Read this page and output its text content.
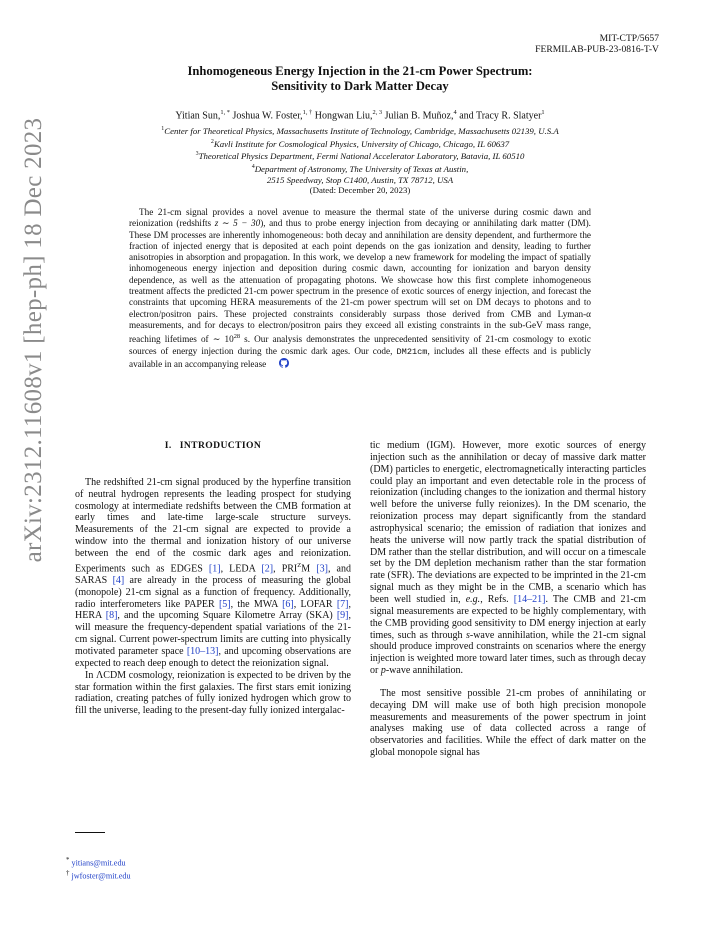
arXiv:2312.11608v1 [hep-ph] 18 Dec 2023
MIT-CTP/5657
FERMILAB-PUB-23-0816-T-V
Inhomogeneous Energy Injection in the 21-cm Power Spectrum:
Sensitivity to Dark Matter Decay
Yitian Sun,$^{1, *}$ Joshua W. Foster,$^{1, \dagger}$ Hongwan Liu,$^{2, 3}$ Julian B. Muñoz,$^4$ and Tracy R. Slatyer$^1$
$^1$Center for Theoretical Physics, Massachusetts Institute of Technology, Cambridge, Massachusetts 02139, U.S.A
$^2$Kavli Institute for Cosmological Physics, University of Chicago, Chicago, IL 60637
$^3$Theoretical Physics Department, Fermi National Accelerator Laboratory, Batavia, IL 60510
$^4$Department of Astronomy, The University of Texas at Austin,
2515 Speedway, Stop C1400, Austin, TX 78712, USA
(Dated: December 20, 2023)

The 21-cm signal provides a novel avenue to measure the thermal state of the universe during cosmic dawn and reionization (redshifts z ∼ 5 − 30), and thus to probe energy injection from decaying or annihilating dark matter (DM). These DM processes are inherently inhomogeneous: both decay and annihilation are density dependent, and furthermore the fraction of injected energy that is deposited at each point depends on the gas ionization and density, leading to further anisotropies in absorption and propagation. In this work, we develop a new framework for modeling the impact of spatially inhomogeneous energy injection and deposition during cosmic dawn, accounting for ionization and baryon density dependence, as well as the attenuation of propagating photons. We showcase how this first complete inhomogeneous treatment affects the predicted 21-cm power spectrum in the presence of exotic sources of energy injection, and forecast the constraints that upcoming HERA measurements of the 21-cm power spectrum will set on DM decays to photons and to electron/positron pairs. These projected constraints considerably surpass those derived from CMB and Lyman-α measurements, and for decays to electron/positron pairs they exceed all existing constraints in the sub-GeV mass range, reaching lifetimes of ∼ $10^{28}$ s. Our analysis demonstrates the unprecedented sensitivity of 21-cm cosmology to exotic sources of energy injection during the cosmic dark ages. Our code, DM21cm, includes all these effects and is publicly available in an accompanying release

I. INTRODUCTION

The redshifted 21-cm signal produced by the hyperfine transition of neutral hydrogen represents the leading prospect for studying cosmology at intermediate redshifts between the CMB formation at early times and late-time large-scale structure surveys. Measurements of the 21-cm signal are expected to provide a window into the thermal and ionization history of our universe between the end of the cosmic dark ages and reionization. Experiments such as EDGES [1], LEDA [2], $PRI^ZM$ [3], and SARAS [4] are already in the process of measuring the global (monopole) 21-cm signal as a function of frequency. Additionally, radio interferometers like PAPER [5], the MWA [6], LOFAR [7], HERA [8], and the upcoming Square Kilometre Array (SKA) [9], will measure the frequency-dependent spatial variations of the 21-cm signal. Current power-spectrum limits are cutting into physically motivated parameter space [10–13], and upcoming observations are expected to reach deep enough to detect the reionization signal.

In ΛCDM cosmology, reionization is expected to be driven by the star formation within the first galaxies. The first stars emit ionizing radiation, creating patches of fully ionized hydrogen which grow to fill the universe, leading to the present-day fully ionized intergalac-

tic medium (IGM). However, more exotic sources of energy injection such as the annihilation or decay of massive dark matter (DM) particles to energetic, electromagnetically interacting particles could play an important and even detectable role in the process of reionization (including changes to the ionization and thermal history well before the universe fully reionizes). In the DM scenario, the reionization process may depart significantly from the standard astrophysical scenario; the emission of radiation that ionizes and heats the universe will now partly track the spatial distribution of DM rather than the stellar distribution, and will occur on a timescale set by the DM depletion mechanism rather than the star formation rate (SFR). The deviations are expected to be imprinted in the 21-cm signal much as they might be in the CMB, a scenario which has been well studied in, e.g., Refs. [14–21]. The CMB and 21-cm signal measurements are expected to be highly complementary, with the CMB providing good sensitivity to DM energy injection at early times, such as through s-wave annihilation, while the 21-cm signal should produce improved constraints on scenarios where the energy injection is weighted more toward later times, such as through decay or p-wave annihilation.

The most sensitive possible 21-cm probes of annihilating or decaying DM will make use of both high precision monopole measurements and measurements of the power spectrum in joint analyses making use of data collected across a range of observatories and facilities. While the effect of dark matter on the global monopole signal has

* yitians@mit.edu
† jwfoster@mit.edu
